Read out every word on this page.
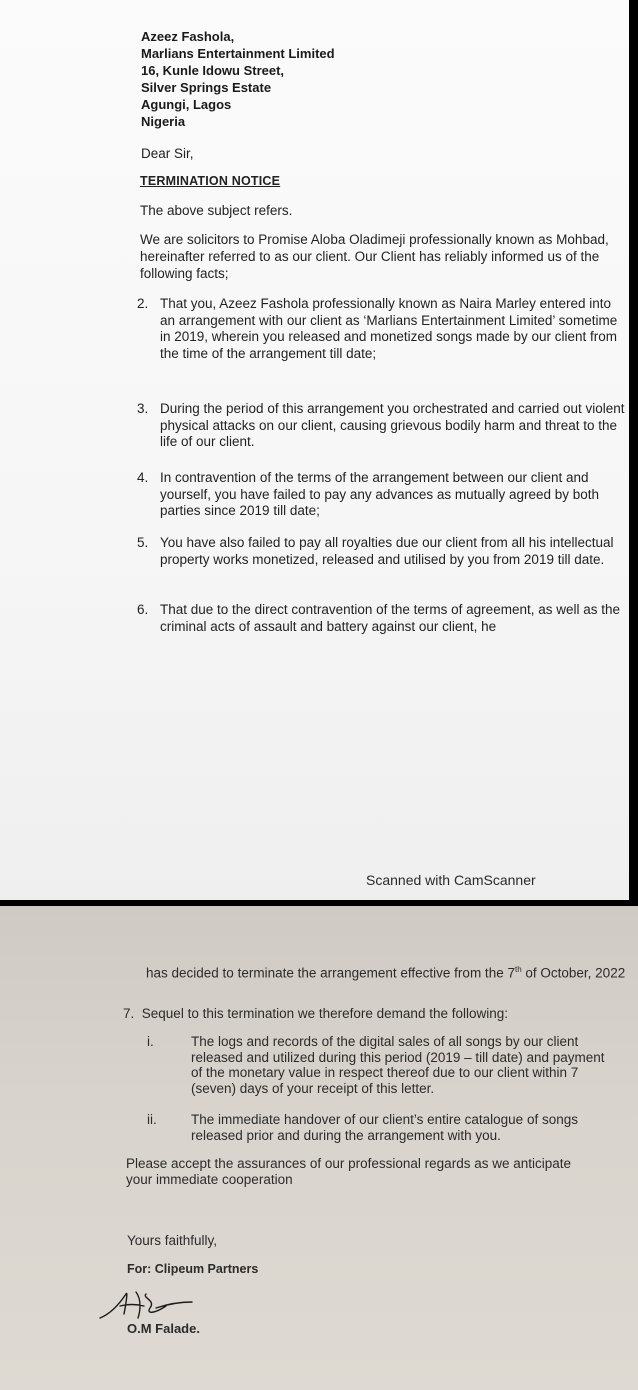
Azeez Fashola,
Marlians Entertainment Limited
16, Kunle Idowu Street,
Silver Springs Estate
Agungi, Lagos
Nigeria
Dear Sir,
TERMINATION NOTICE
The above subject refers.
We are solicitors to Promise Aloba Oladimeji professionally known as Mohbad, hereinafter referred to as our client. Our Client has reliably informed us of the following facts;
2. That you, Azeez Fashola professionally known as Naira Marley entered into an arrangement with our client as ‘Marlians Entertainment Limited’ sometime in 2019, wherein you released and monetized songs made by our client from the time of the arrangement till date;
3. During the period of this arrangement you orchestrated and carried out violent physical attacks on our client, causing grievous bodily harm and threat to the life of our client.
4. In contravention of the terms of the arrangement between our client and yourself, you have failed to pay any advances as mutually agreed by both parties since 2019 till date;
5. You have also failed to pay all royalties due our client from all his intellectual property works monetized, released and utilised by you from 2019 till date.
6. That due to the direct contravention of the terms of agreement, as well as the criminal acts of assault and battery against our client, he
Scanned with CamScanner
has decided to terminate the arrangement effective from the 7th of October, 2022
7. Sequel to this termination we therefore demand the following:
i.	The logs and records of the digital sales of all songs by our client released and utilized during this period (2019 – till date) and payment of the monetary value in respect thereof due to our client within 7 (seven) days of your receipt of this letter.
ii.	The immediate handover of our client’s entire catalogue of songs released prior and during the arrangement with you.
Please accept the assurances of our professional regards as we anticipate your immediate cooperation
Yours faithfully,
For: Clipeum Partners
O.M Falade.
